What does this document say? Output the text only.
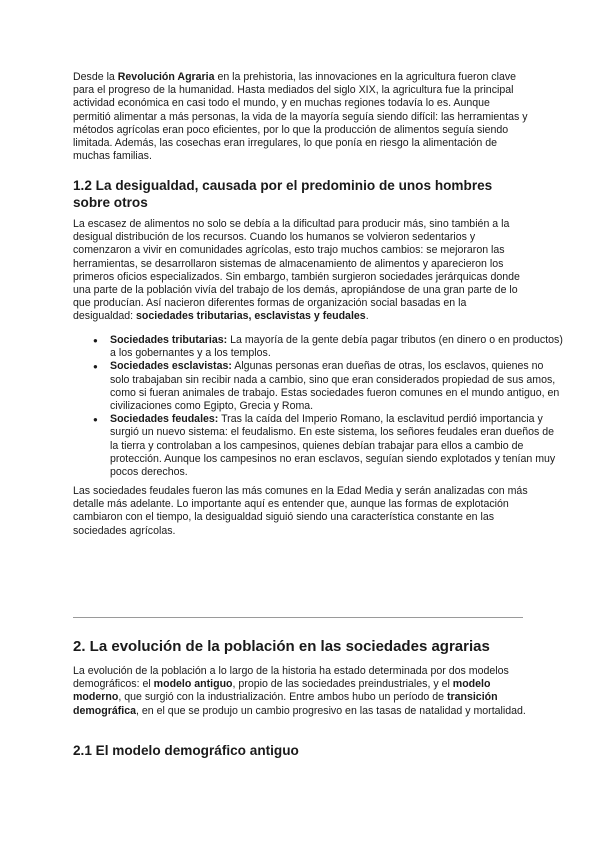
Desde la Revolución Agraria en la prehistoria, las innovaciones en la agricultura fueron clave para el progreso de la humanidad. Hasta mediados del siglo XIX, la agricultura fue la principal actividad económica en casi todo el mundo, y en muchas regiones todavía lo es. Aunque permitió alimentar a más personas, la vida de la mayoría seguía siendo difícil: las herramientas y métodos agrícolas eran poco eficientes, por lo que la producción de alimentos seguía siendo limitada. Además, las cosechas eran irregulares, lo que ponía en riesgo la alimentación de muchas familias.

1.2 La desigualdad, causada por el predominio de unos hombres sobre otros

La escasez de alimentos no solo se debía a la dificultad para producir más, sino también a la desigual distribución de los recursos. Cuando los humanos se volvieron sedentarios y comenzaron a vivir en comunidades agrícolas, esto trajo muchos cambios: se mejoraron las herramientas, se desarrollaron sistemas de almacenamiento de alimentos y aparecieron los primeros oficios especializados. Sin embargo, también surgieron sociedades jerárquicas donde una parte de la población vivía del trabajo de los demás, apropiándose de una gran parte de lo que producían. Así nacieron diferentes formas de organización social basadas en la desigualdad: sociedades tributarias, esclavistas y feudales.

● Sociedades tributarias: La mayoría de la gente debía pagar tributos (en dinero o en productos) a los gobernantes y a los templos.
● Sociedades esclavistas: Algunas personas eran dueñas de otras, los esclavos, quienes no solo trabajaban sin recibir nada a cambio, sino que eran considerados propiedad de sus amos, como si fueran animales de trabajo. Estas sociedades fueron comunes en el mundo antiguo, en civilizaciones como Egipto, Grecia y Roma.
● Sociedades feudales: Tras la caída del Imperio Romano, la esclavitud perdió importancia y surgió un nuevo sistema: el feudalismo. En este sistema, los señores feudales eran dueños de la tierra y controlaban a los campesinos, quienes debían trabajar para ellos a cambio de protección. Aunque los campesinos no eran esclavos, seguían siendo explotados y tenían muy pocos derechos.

Las sociedades feudales fueron las más comunes en la Edad Media y serán analizadas con más detalle más adelante. Lo importante aquí es entender que, aunque las formas de explotación cambiaron con el tiempo, la desigualdad siguió siendo una característica constante en las sociedades agrícolas.

2. La evolución de la población en las sociedades agrarias

La evolución de la población a lo largo de la historia ha estado determinada por dos modelos demográficos: el modelo antiguo, propio de las sociedades preindustriales, y el modelo moderno, que surgió con la industrialización. Entre ambos hubo un período de transición demográfica, en el que se produjo un cambio progresivo en las tasas de natalidad y mortalidad.

2.1 El modelo demográfico antiguo
